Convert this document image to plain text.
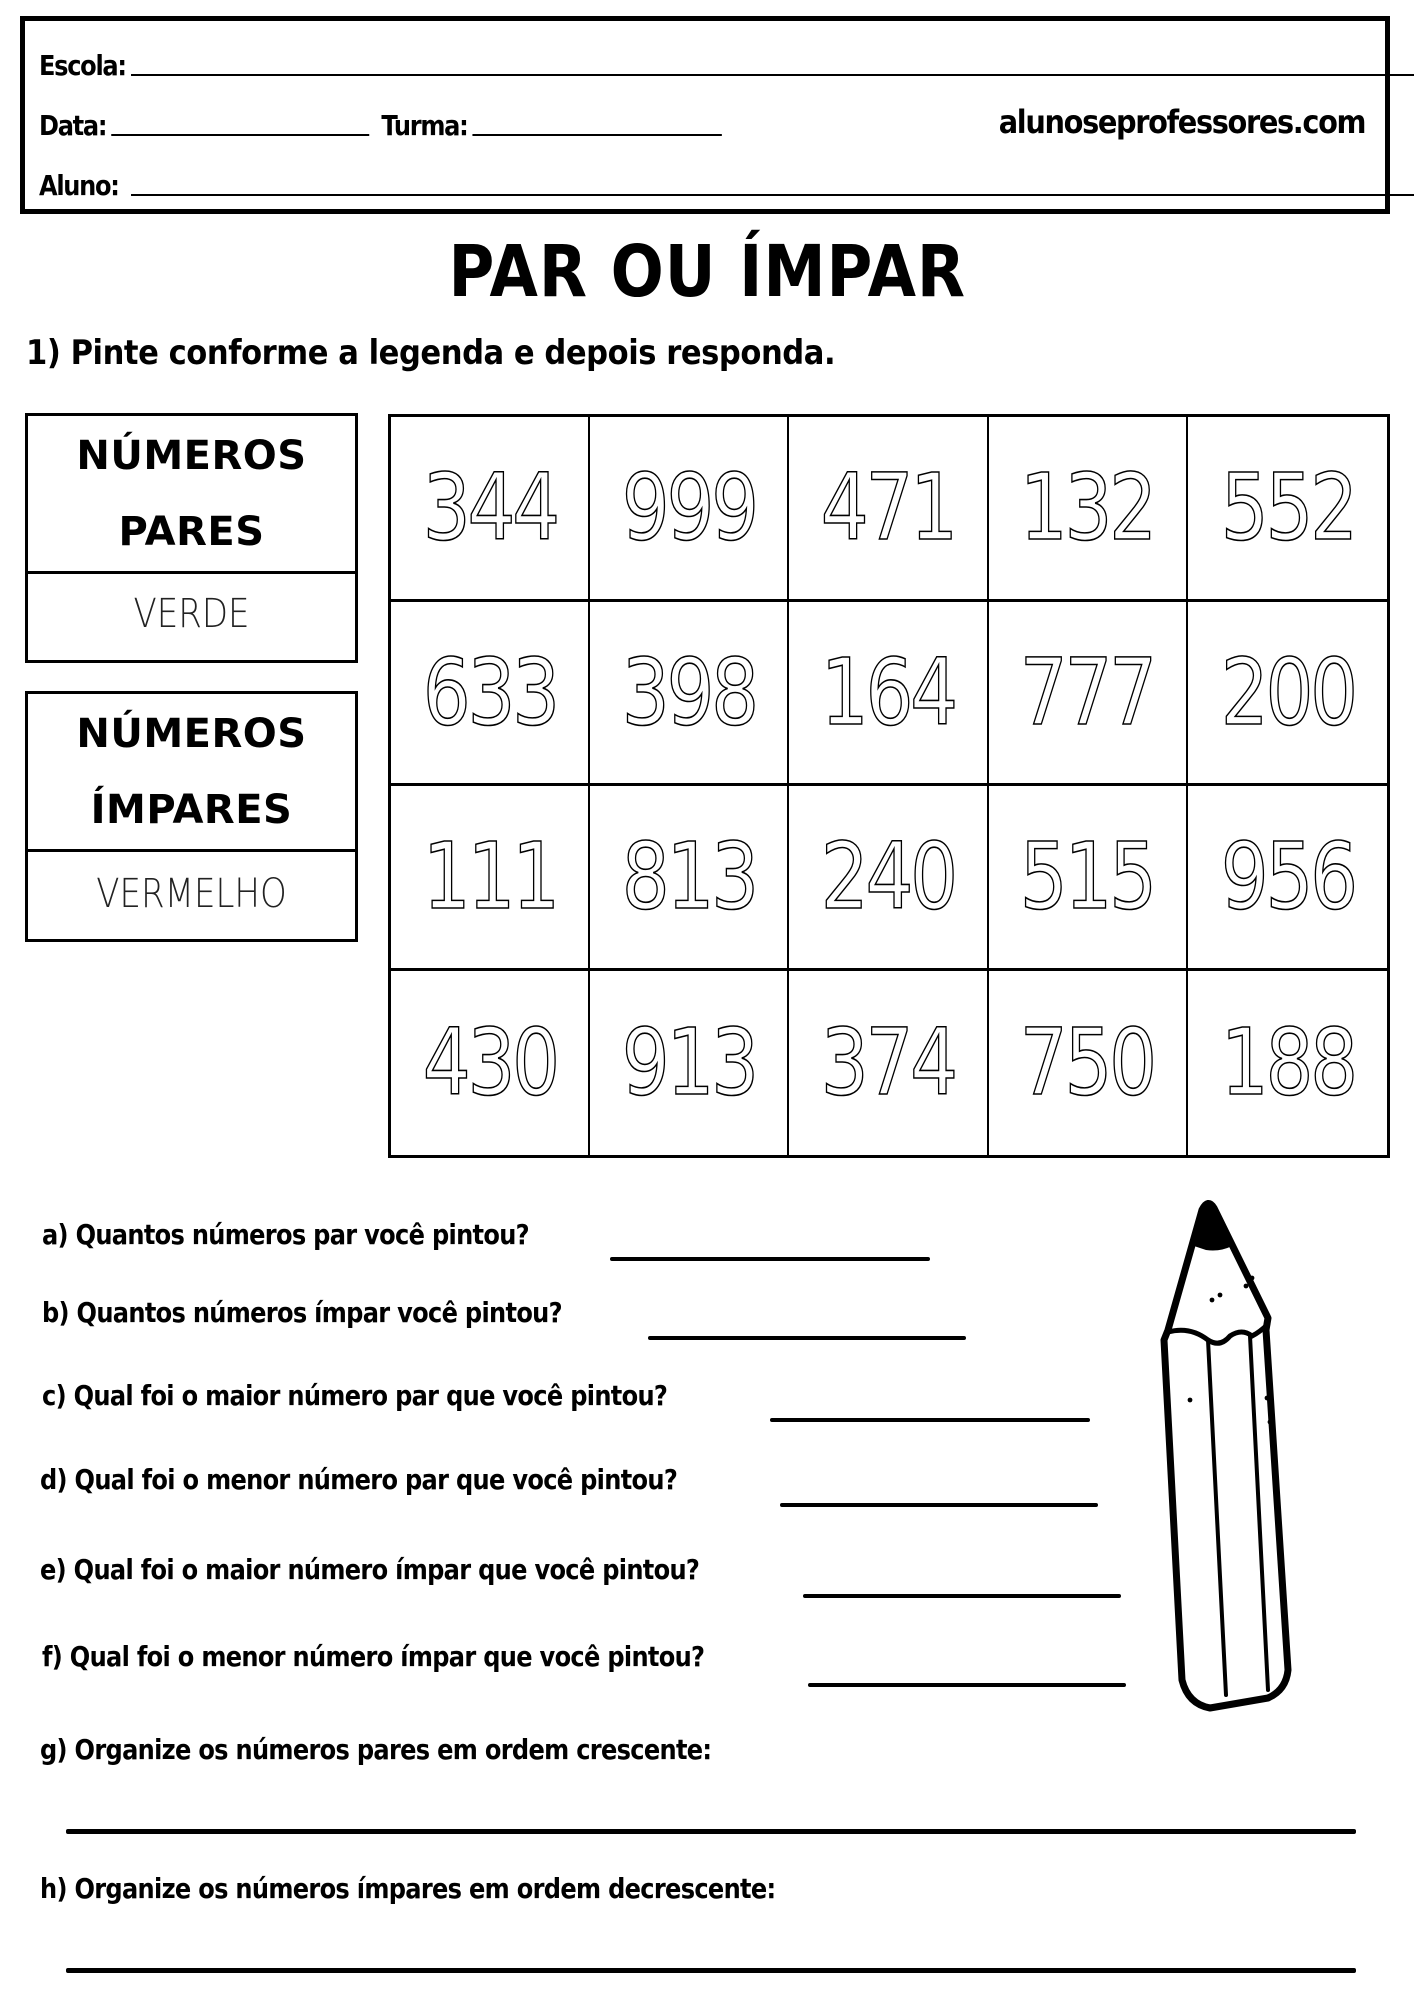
Escola:
Data:	Turma:	alunoseprofessores.com
Aluno:
PAR OU ÍMPAR
1) Pinte conforme a legenda e depois responda.
NÚMEROS
PARES
VERDE
NÚMEROS
ÍMPARES
VERMELHO
344 999 471 132 552
633 398 164 777 200
111 813 240 515 956
430 913 374 750 188
a) Quantos números par você pintou?
b) Quantos números ímpar você pintou?
c) Qual foi o maior número par que você pintou?
d) Qual foi o menor número par que você pintou?
e) Qual foi o maior número ímpar que você pintou?
f) Qual foi o menor número ímpar que você pintou?
g) Organize os números pares em ordem crescente:
h) Organize os números ímpares em ordem decrescente:
